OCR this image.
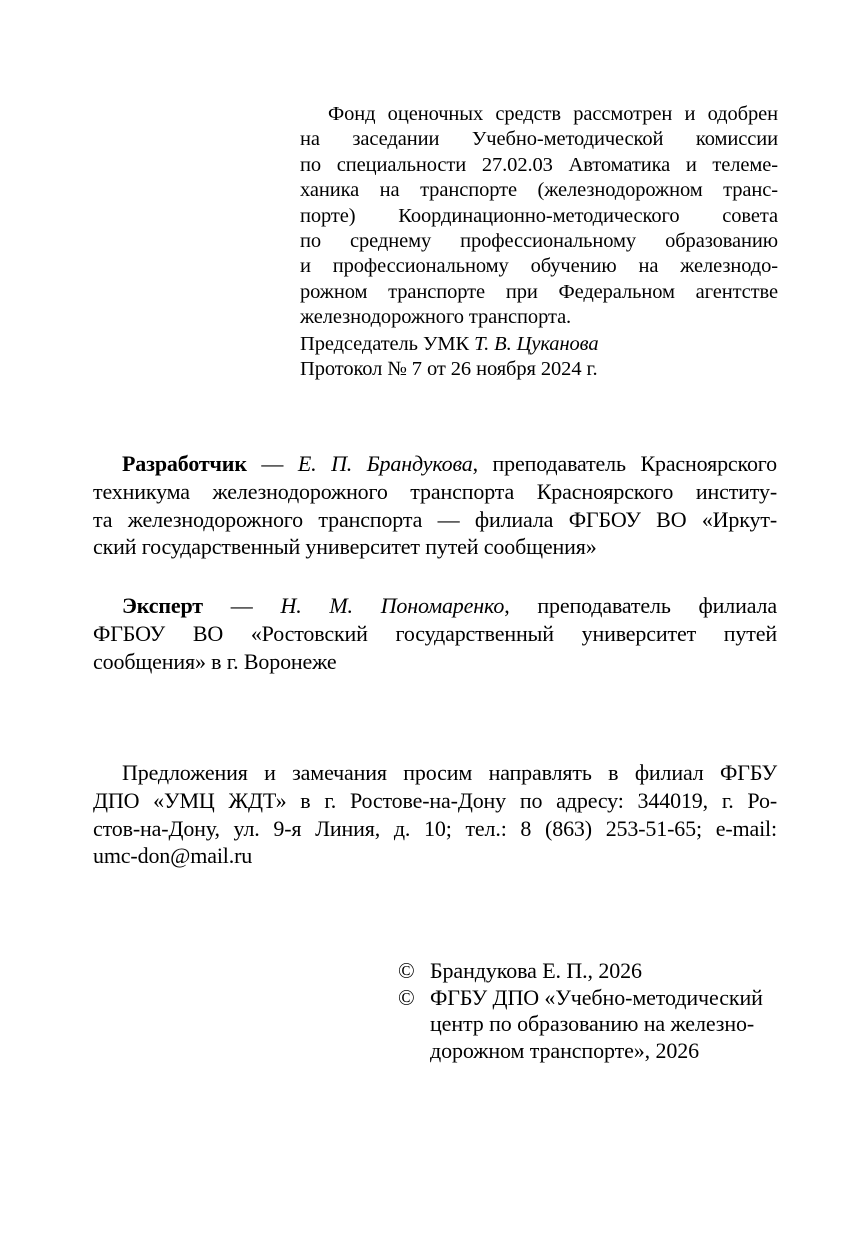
Фонд оценочных средств рассмотрен и одобрен
на заседании Учебно-методической комиссии
по специальности 27.02.03 Автоматика и телеме-
ханика на транспорте (железнодорожном транс-
порте) Координационно-методического совета
по среднему профессиональному образованию
и профессиональному обучению на железнодо-
рожном транспорте при Федеральном агентстве
железнодорожного транспорта.
Председатель УМК Т. В. Цуканова
Протокол № 7 от 26 ноября 2024 г.
Разработчик — Е. П. Брандукова, преподаватель Красноярского
техникума железнодорожного транспорта Красноярского институ-
та железнодорожного транспорта — филиала ФГБОУ ВО «Иркут-
ский государственный университет путей сообщения»
Эксперт — Н. М. Пономаренко, преподаватель филиала
ФГБОУ ВО «Ростовский государственный университет путей
сообщения» в г. Воронеже
Предложения и замечания просим направлять в филиал ФГБУ
ДПО «УМЦ ЖДТ» в г. Ростове-на-Дону по адресу: 344019, г. Ро-
стов-на-Дону, ул. 9-я Линия, д. 10; тел.: 8 (863) 253-51-65; e-mail:
umc-don@mail.ru
© Брандукова Е. П., 2026
© ФГБУ ДПО «Учебно-методический
центр по образованию на железно-
дорожном транспорте», 2026
